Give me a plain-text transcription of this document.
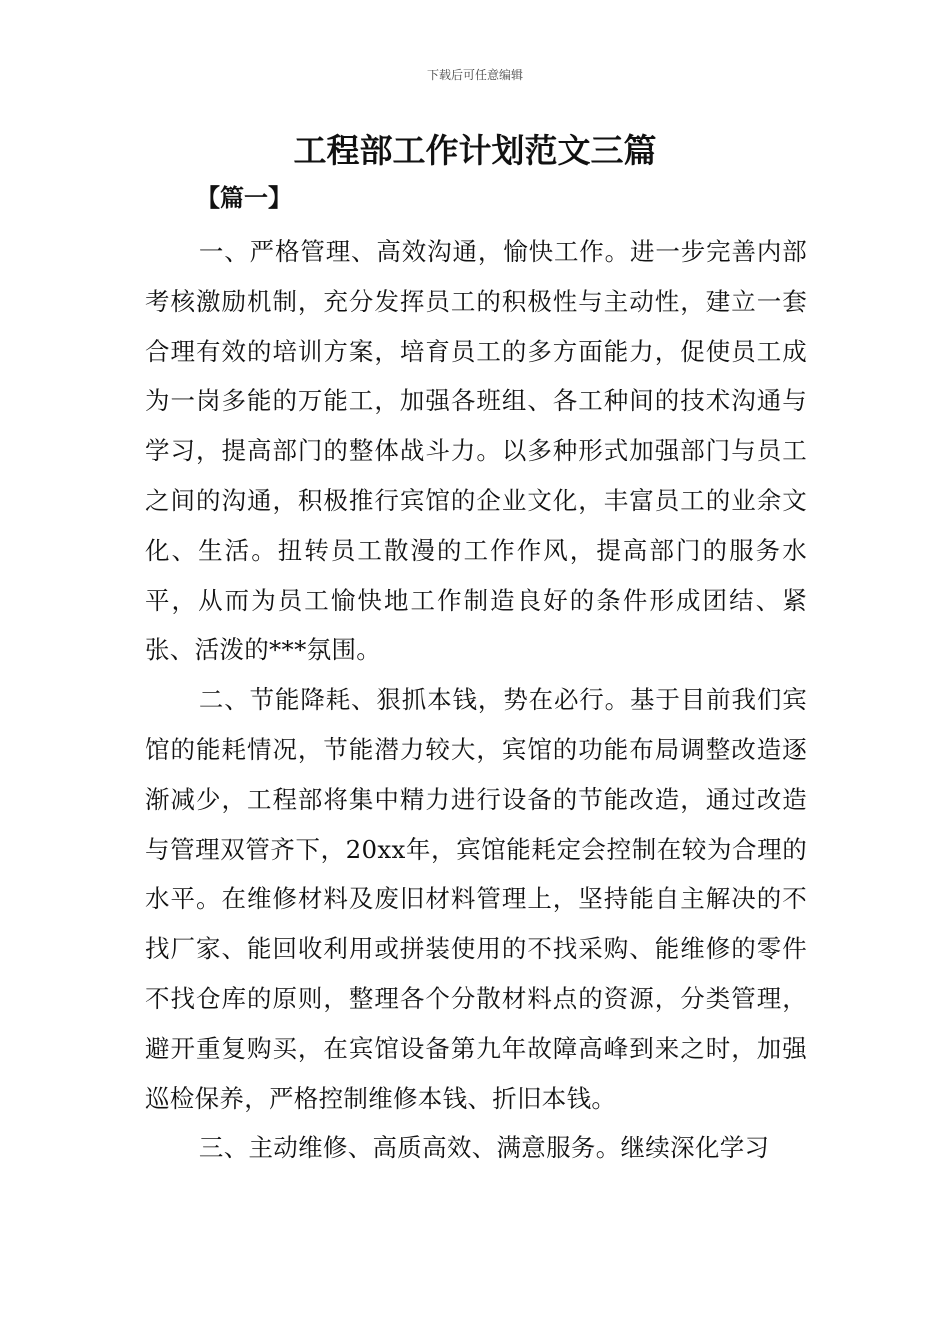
下载后可任意编辑
工程部工作计划范文三篇
【篇一】

一、严格管理、高效沟通，愉快工作。进一步完善内部考核激励机制，充分发挥员工的积极性与主动性，建立一套合理有效的培训方案，培育员工的多方面能力，促使员工成为一岗多能的万能工，加强各班组、各工种间的技术沟通与学习，提高部门的整体战斗力。以多种形式加强部门与员工之间的沟通，积极推行宾馆的企业文化，丰富员工的业余文化、生活。扭转员工散漫的工作作风，提高部门的服务水平，从而为员工愉快地工作制造良好的条件形成团结、紧张、活泼的***氛围。

二、节能降耗、狠抓本钱，势在必行。基于目前我们宾馆的能耗情况，节能潜力较大，宾馆的功能布局调整改造逐渐减少，工程部将集中精力进行设备的节能改造，通过改造与管理双管齐下，20xx年，宾馆能耗定会控制在较为合理的水平。在维修材料及废旧材料管理上，坚持能自主解决的不找厂家、能回收利用或拼装使用的不找采购、能维修的零件不找仓库的原则，整理各个分散材料点的资源，分类管理，避开重复购买，在宾馆设备第九年故障高峰到来之时，加强巡检保养，严格控制维修本钱、折旧本钱。

三、主动维修、高质高效、满意服务。继续深化学习
